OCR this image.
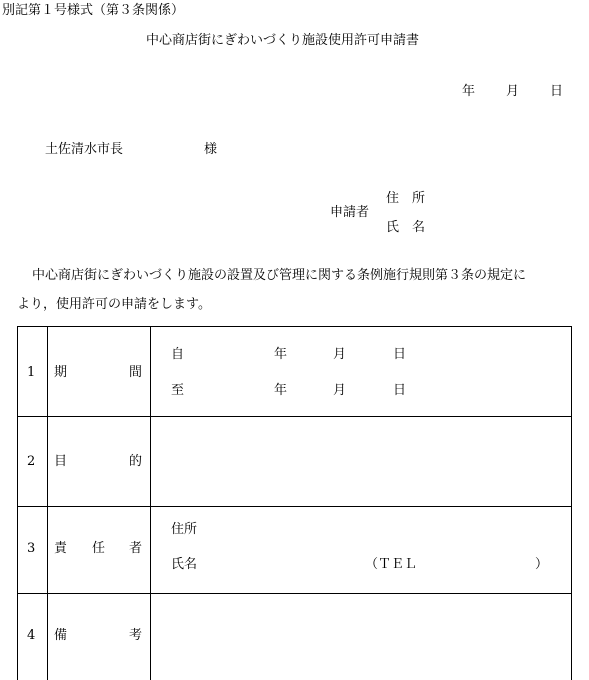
別記第１号様式（第３条関係）
中心商店街にぎわいづくり施設使用許可申請書
年 月 日
土佐清水市長	様
申請者
住　所
氏　名
中心商店街にぎわいづくり施設の設置及び管理に関する条例施行規則第３条の規定に
より，使用許可の申請をします。
1 期	間
自	年	月	日
至	年	月	日
2 目	的
3 責 任 者
住所
氏名	（ＴＥＬ	）
4 備	考
